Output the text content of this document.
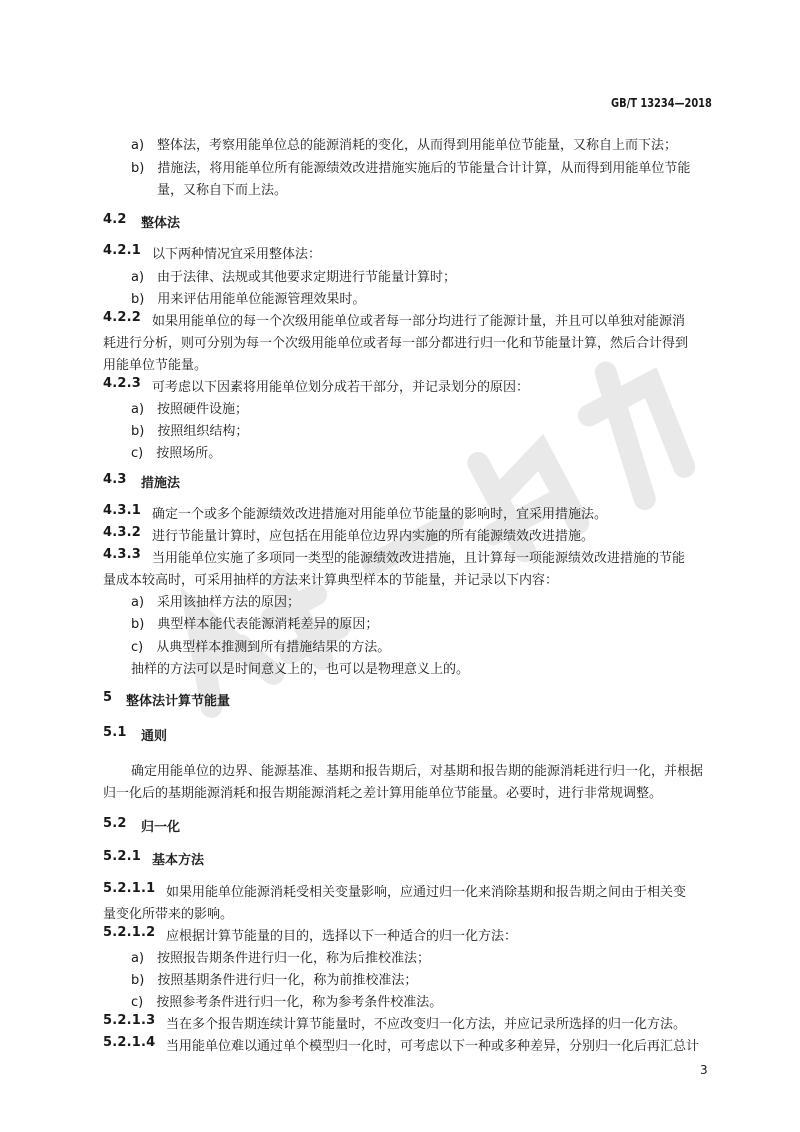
GB/T 13234—2018
a)　整体法，考察用能单位总的能源消耗的变化，从而得到用能单位节能量，又称自上而下法；
b)　措施法，将用能单位所有能源绩效改进措施实施后的节能量合计计算，从而得到用能单位节能
量，又称自下而上法。
4.2 整体法
4.2.1 以下两种情况宜采用整体法：
a)　由于法律、法规或其他要求定期进行节能量计算时；
b)　用来评估用能单位能源管理效果时。
4.2.2 如果用能单位的每一个次级用能单位或者每一部分均进行了能源计量，并且可以单独对能源消
耗进行分析，则可分别为每一个次级用能单位或者每一部分都进行归一化和节能量计算，然后合计得到
用能单位节能量。
4.2.3 可考虑以下因素将用能单位划分成若干部分，并记录划分的原因：
a)　按照硬件设施；
b)　按照组织结构；
c)　按照场所。
4.3 措施法
4.3.1 确定一个或多个能源绩效改进措施对用能单位节能量的影响时，宜采用措施法。
4.3.2 进行节能量计算时，应包括在用能单位边界内实施的所有能源绩效改进措施。
4.3.3 当用能单位实施了多项同一类型的能源绩效改进措施，且计算每一项能源绩效改进措施的节能
量成本较高时，可采用抽样的方法来计算典型样本的节能量，并记录以下内容：
a)　采用该抽样方法的原因；
b)　典型样本能代表能源消耗差异的原因；
c)　从典型样本推测到所有措施结果的方法。
抽样的方法可以是时间意义上的，也可以是物理意义上的。
5 整体法计算节能量
5.1 通则
确定用能单位的边界、能源基准、基期和报告期后，对基期和报告期的能源消耗进行归一化，并根据
归一化后的基期能源消耗和报告期能源消耗之差计算用能单位节能量。必要时，进行非常规调整。
5.2 归一化
5.2.1 基本方法
5.2.1.1 如果用能单位能源消耗受相关变量影响，应通过归一化来消除基期和报告期之间由于相关变
量变化所带来的影响。
5.2.1.2 应根据计算节能量的目的，选择以下一种适合的归一化方法：
a)　按照报告期条件进行归一化，称为后推校准法；
b)　按照基期条件进行归一化，称为前推校准法；
c)　按照参考条件进行归一化，称为参考条件校准法。
5.2.1.3 当在多个报告期连续计算节能量时，不应改变归一化方法，并应记录所选择的归一化方法。
5.2.1.4 当用能单位难以通过单个模型归一化时，可考虑以下一种或多种差异，分别归一化后再汇总计
3
